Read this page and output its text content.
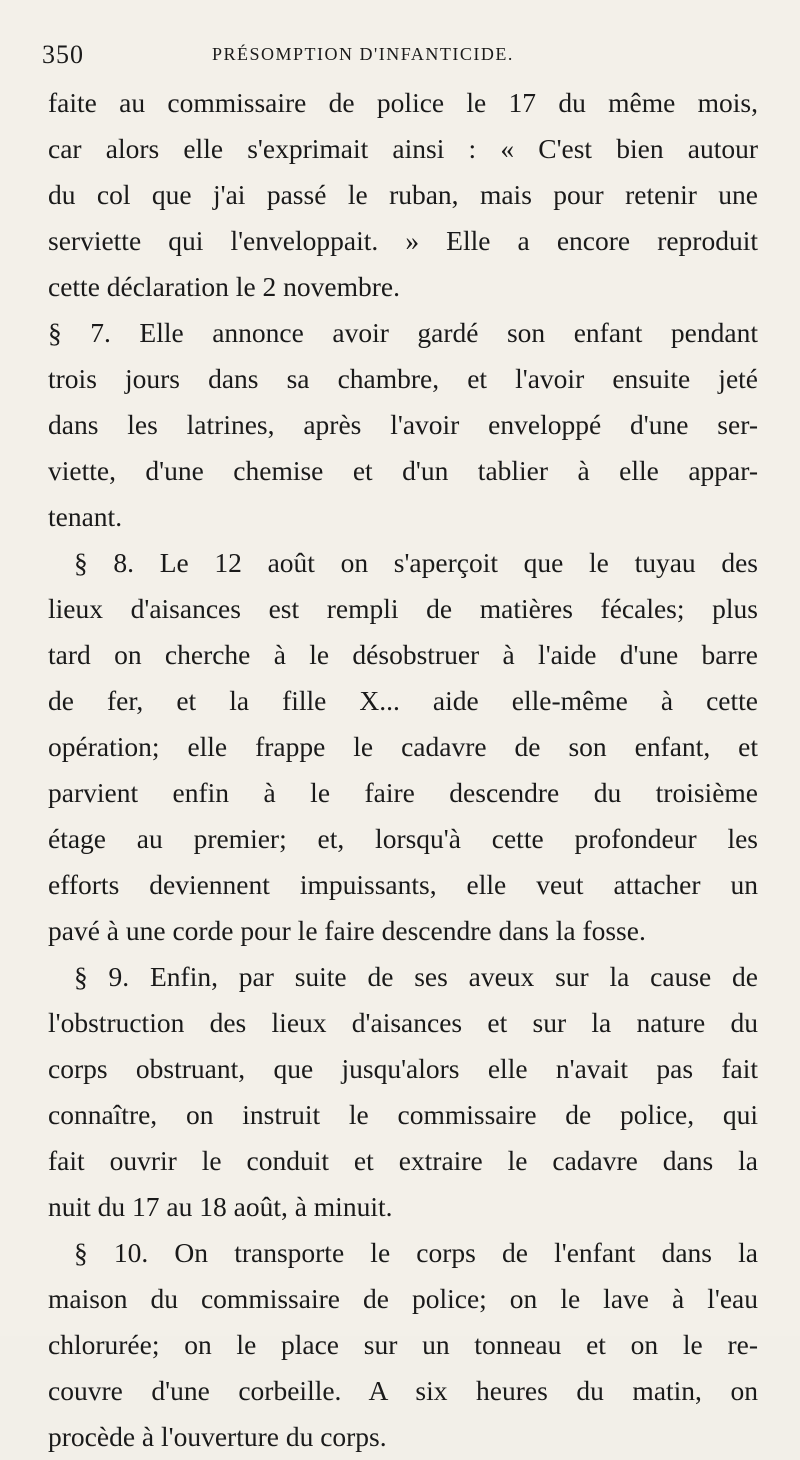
350	PRÉSOMPTION D'INFANTICIDE.
faite au commissaire de police le 17 du même mois,
car alors elle s'exprimait ainsi : « C'est bien autour
du col que j'ai passé le ruban, mais pour retenir une
serviette qui l'enveloppait. » Elle a encore reproduit
cette déclaration le 2 novembre.
§ 7. Elle annonce avoir gardé son enfant pendant
trois jours dans sa chambre, et l'avoir ensuite jeté
dans les latrines, après l'avoir enveloppé d'une ser-
viette, d'une chemise et d'un tablier à elle appar-
tenant.
§ 8. Le 12 août on s'aperçoit que le tuyau des
lieux d'aisances est rempli de matières fécales; plus
tard on cherche à le désobstruer à l'aide d'une barre
de fer, et la fille X... aide elle-même à cette
opération; elle frappe le cadavre de son enfant, et
parvient enfin à le faire descendre du troisième
étage au premier; et, lorsqu'à cette profondeur les
efforts deviennent impuissants, elle veut attacher un
pavé à une corde pour le faire descendre dans la fosse.
§ 9. Enfin, par suite de ses aveux sur la cause de
l'obstruction des lieux d'aisances et sur la nature du
corps obstruant, que jusqu'alors elle n'avait pas fait
connaître, on instruit le commissaire de police, qui
fait ouvrir le conduit et extraire le cadavre dans la
nuit du 17 au 18 août, à minuit.
§ 10. On transporte le corps de l'enfant dans la
maison du commissaire de police; on le lave à l'eau
chlorurée; on le place sur un tonneau et on le re-
couvre d'une corbeille. A six heures du matin, on
procède à l'ouverture du corps.
